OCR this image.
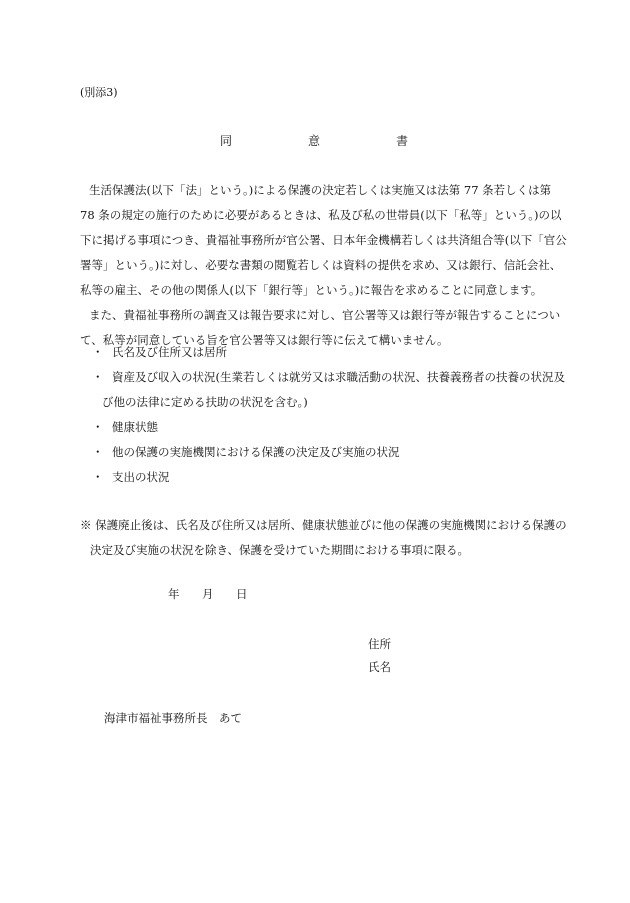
(別添3)
同	意	書
生活保護法(以下「法」という。)による保護の決定若しくは実施又は法第 77 条若しくは第
78 条の規定の施行のために必要があるときは、私及び私の世帯員(以下「私等」という。)の以
下に掲げる事項につき、貴福祉事務所が官公署、日本年金機構若しくは共済組合等(以下「官公
署等」という。)に対し、必要な書類の閲覧若しくは資料の提供を求め、又は銀行、信託会社、
私等の雇主、その他の関係人(以下「銀行等」という。)に報告を求めることに同意します。
また、貴福祉事務所の調査又は報告要求に対し、官公署等又は銀行等が報告することについ
て、私等が同意している旨を官公署等又は銀行等に伝えて構いません。
・ 氏名及び住所又は居所
・ 資産及び収入の状況(生業若しくは就労又は求職活動の状況、扶養義務者の扶養の状況及
び他の法律に定める扶助の状況を含む。)
・ 健康状態
・ 他の保護の実施機関における保護の決定及び実施の状況
・ 支出の状況
※ 保護廃止後は、氏名及び住所又は居所、健康状態並びに他の保護の実施機関における保護の
決定及び実施の状況を除き、保護を受けていた期間における事項に限る。
年 月 日
住所
氏名
海津市福祉事務所長　あて
